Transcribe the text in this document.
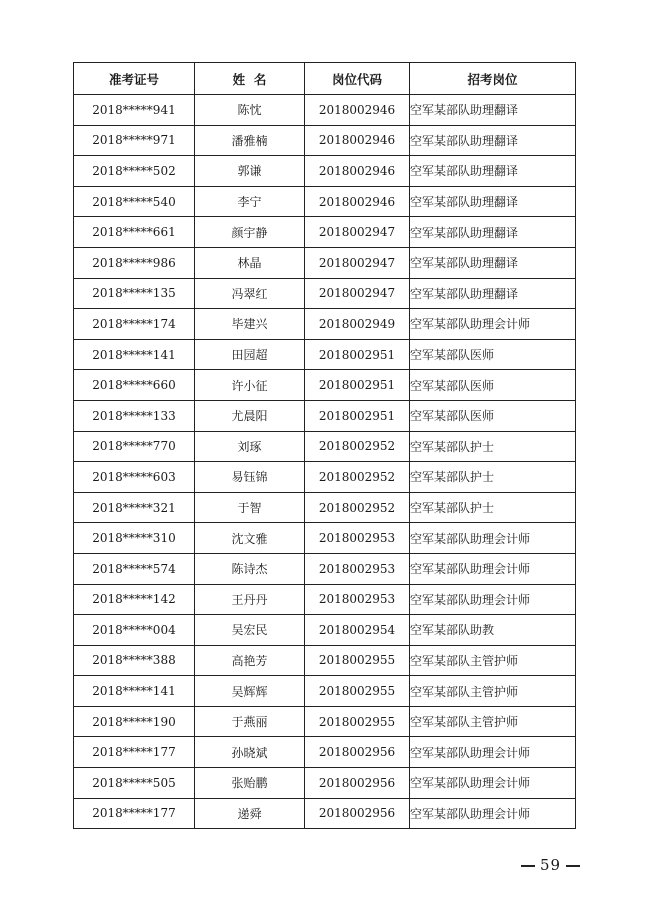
准考证号	姓  名	岗位代码	招考岗位
2018*****941	陈忱	2018002946	空军某部队助理翻译
2018*****971	潘雅楠	2018002946	空军某部队助理翻译
2018*****502	郭谦	2018002946	空军某部队助理翻译
2018*****540	李宁	2018002946	空军某部队助理翻译
2018*****661	颜宇静	2018002947	空军某部队助理翻译
2018*****986	林晶	2018002947	空军某部队助理翻译
2018*****135	冯翠红	2018002947	空军某部队助理翻译
2018*****174	毕建兴	2018002949	空军某部队助理会计师
2018*****141	田园超	2018002951	空军某部队医师
2018*****660	许小征	2018002951	空军某部队医师
2018*****133	尤晨阳	2018002951	空军某部队医师
2018*****770	刘琢	2018002952	空军某部队护士
2018*****603	易钰锦	2018002952	空军某部队护士
2018*****321	于智	2018002952	空军某部队护士
2018*****310	沈文雅	2018002953	空军某部队助理会计师
2018*****574	陈诗杰	2018002953	空军某部队助理会计师
2018*****142	王丹丹	2018002953	空军某部队助理会计师
2018*****004	吴宏民	2018002954	空军某部队助教
2018*****388	高艳芳	2018002955	空军某部队主管护师
2018*****141	吴辉辉	2018002955	空军某部队主管护师
2018*****190	于燕丽	2018002955	空军某部队主管护师
2018*****177	孙晓斌	2018002956	空军某部队助理会计师
2018*****505	张贻鹏	2018002956	空军某部队助理会计师
2018*****177	递舜	2018002956	空军某部队助理会计师
59
